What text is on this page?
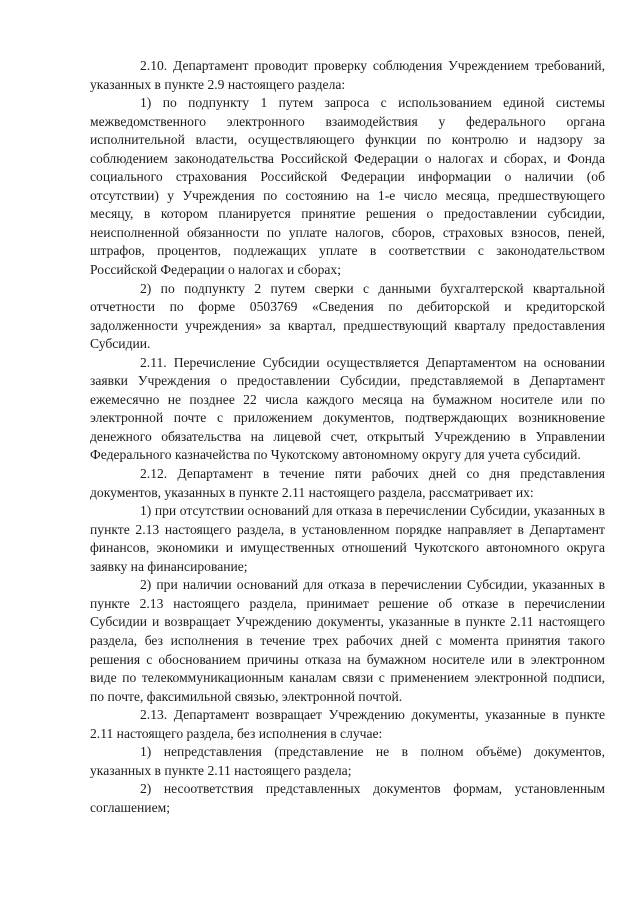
2.10. Департамент проводит проверку соблюдения Учреждением требований, указанных в пункте 2.9 настоящего раздела:

1) по подпункту 1 путем запроса с использованием единой системы межведомственного электронного взаимодействия у федерального органа исполнительной власти, осуществляющего функции по контролю и надзору за соблюдением законодательства Российской Федерации о налогах и сборах, и Фонда социального страхования Российской Федерации информации о наличии (об отсутствии) у Учреждения по состоянию на 1-е число месяца, предшествующего месяцу, в котором планируется принятие решения о предоставлении субсидии, неисполненной обязанности по уплате налогов, сборов, страховых взносов, пеней, штрафов, процентов, подлежащих уплате в соответствии с законодательством Российской Федерации о налогах и сборах;

2) по подпункту 2 путем сверки с данными бухгалтерской квартальной отчетности по форме 0503769 «Сведения по дебиторской и кредиторской задолженности учреждения» за квартал, предшествующий кварталу предоставления Субсидии.

2.11. Перечисление Субсидии осуществляется Департаментом на основании заявки Учреждения о предоставлении Субсидии, представляемой в Департамент ежемесячно не позднее 22 числа каждого месяца на бумажном носителе или по электронной почте с приложением документов, подтверждающих возникновение денежного обязательства на лицевой счет, открытый Учреждению в Управлении Федерального казначейства по Чукотскому автономному округу для учета субсидий.

2.12. Департамент в течение пяти рабочих дней со дня представления документов, указанных в пункте 2.11 настоящего раздела, рассматривает их:

1) при отсутствии оснований для отказа в перечислении Субсидии, указанных в пункте 2.13 настоящего раздела, в установленном порядке направляет в Департамент финансов, экономики и имущественных отношений Чукотского автономного округа заявку на финансирование;

2) при наличии оснований для отказа в перечислении Субсидии, указанных в пункте 2.13 настоящего раздела, принимает решение об отказе в перечислении Субсидии и возвращает Учреждению документы, указанные в пункте 2.11 настоящего раздела, без исполнения в течение трех рабочих дней с момента принятия такого решения с обоснованием причины отказа на бумажном носителе или в электронном виде по телекоммуникационным каналам связи с применением электронной подписи, по почте, факсимильной связью, электронной почтой.

2.13. Департамент возвращает Учреждению документы, указанные в пункте 2.11 настоящего раздела, без исполнения в случае:

1) непредставления (представление не в полном объёме) документов, указанных в пункте 2.11 настоящего раздела;

2) несоответствия представленных документов формам, установленным соглашением;
